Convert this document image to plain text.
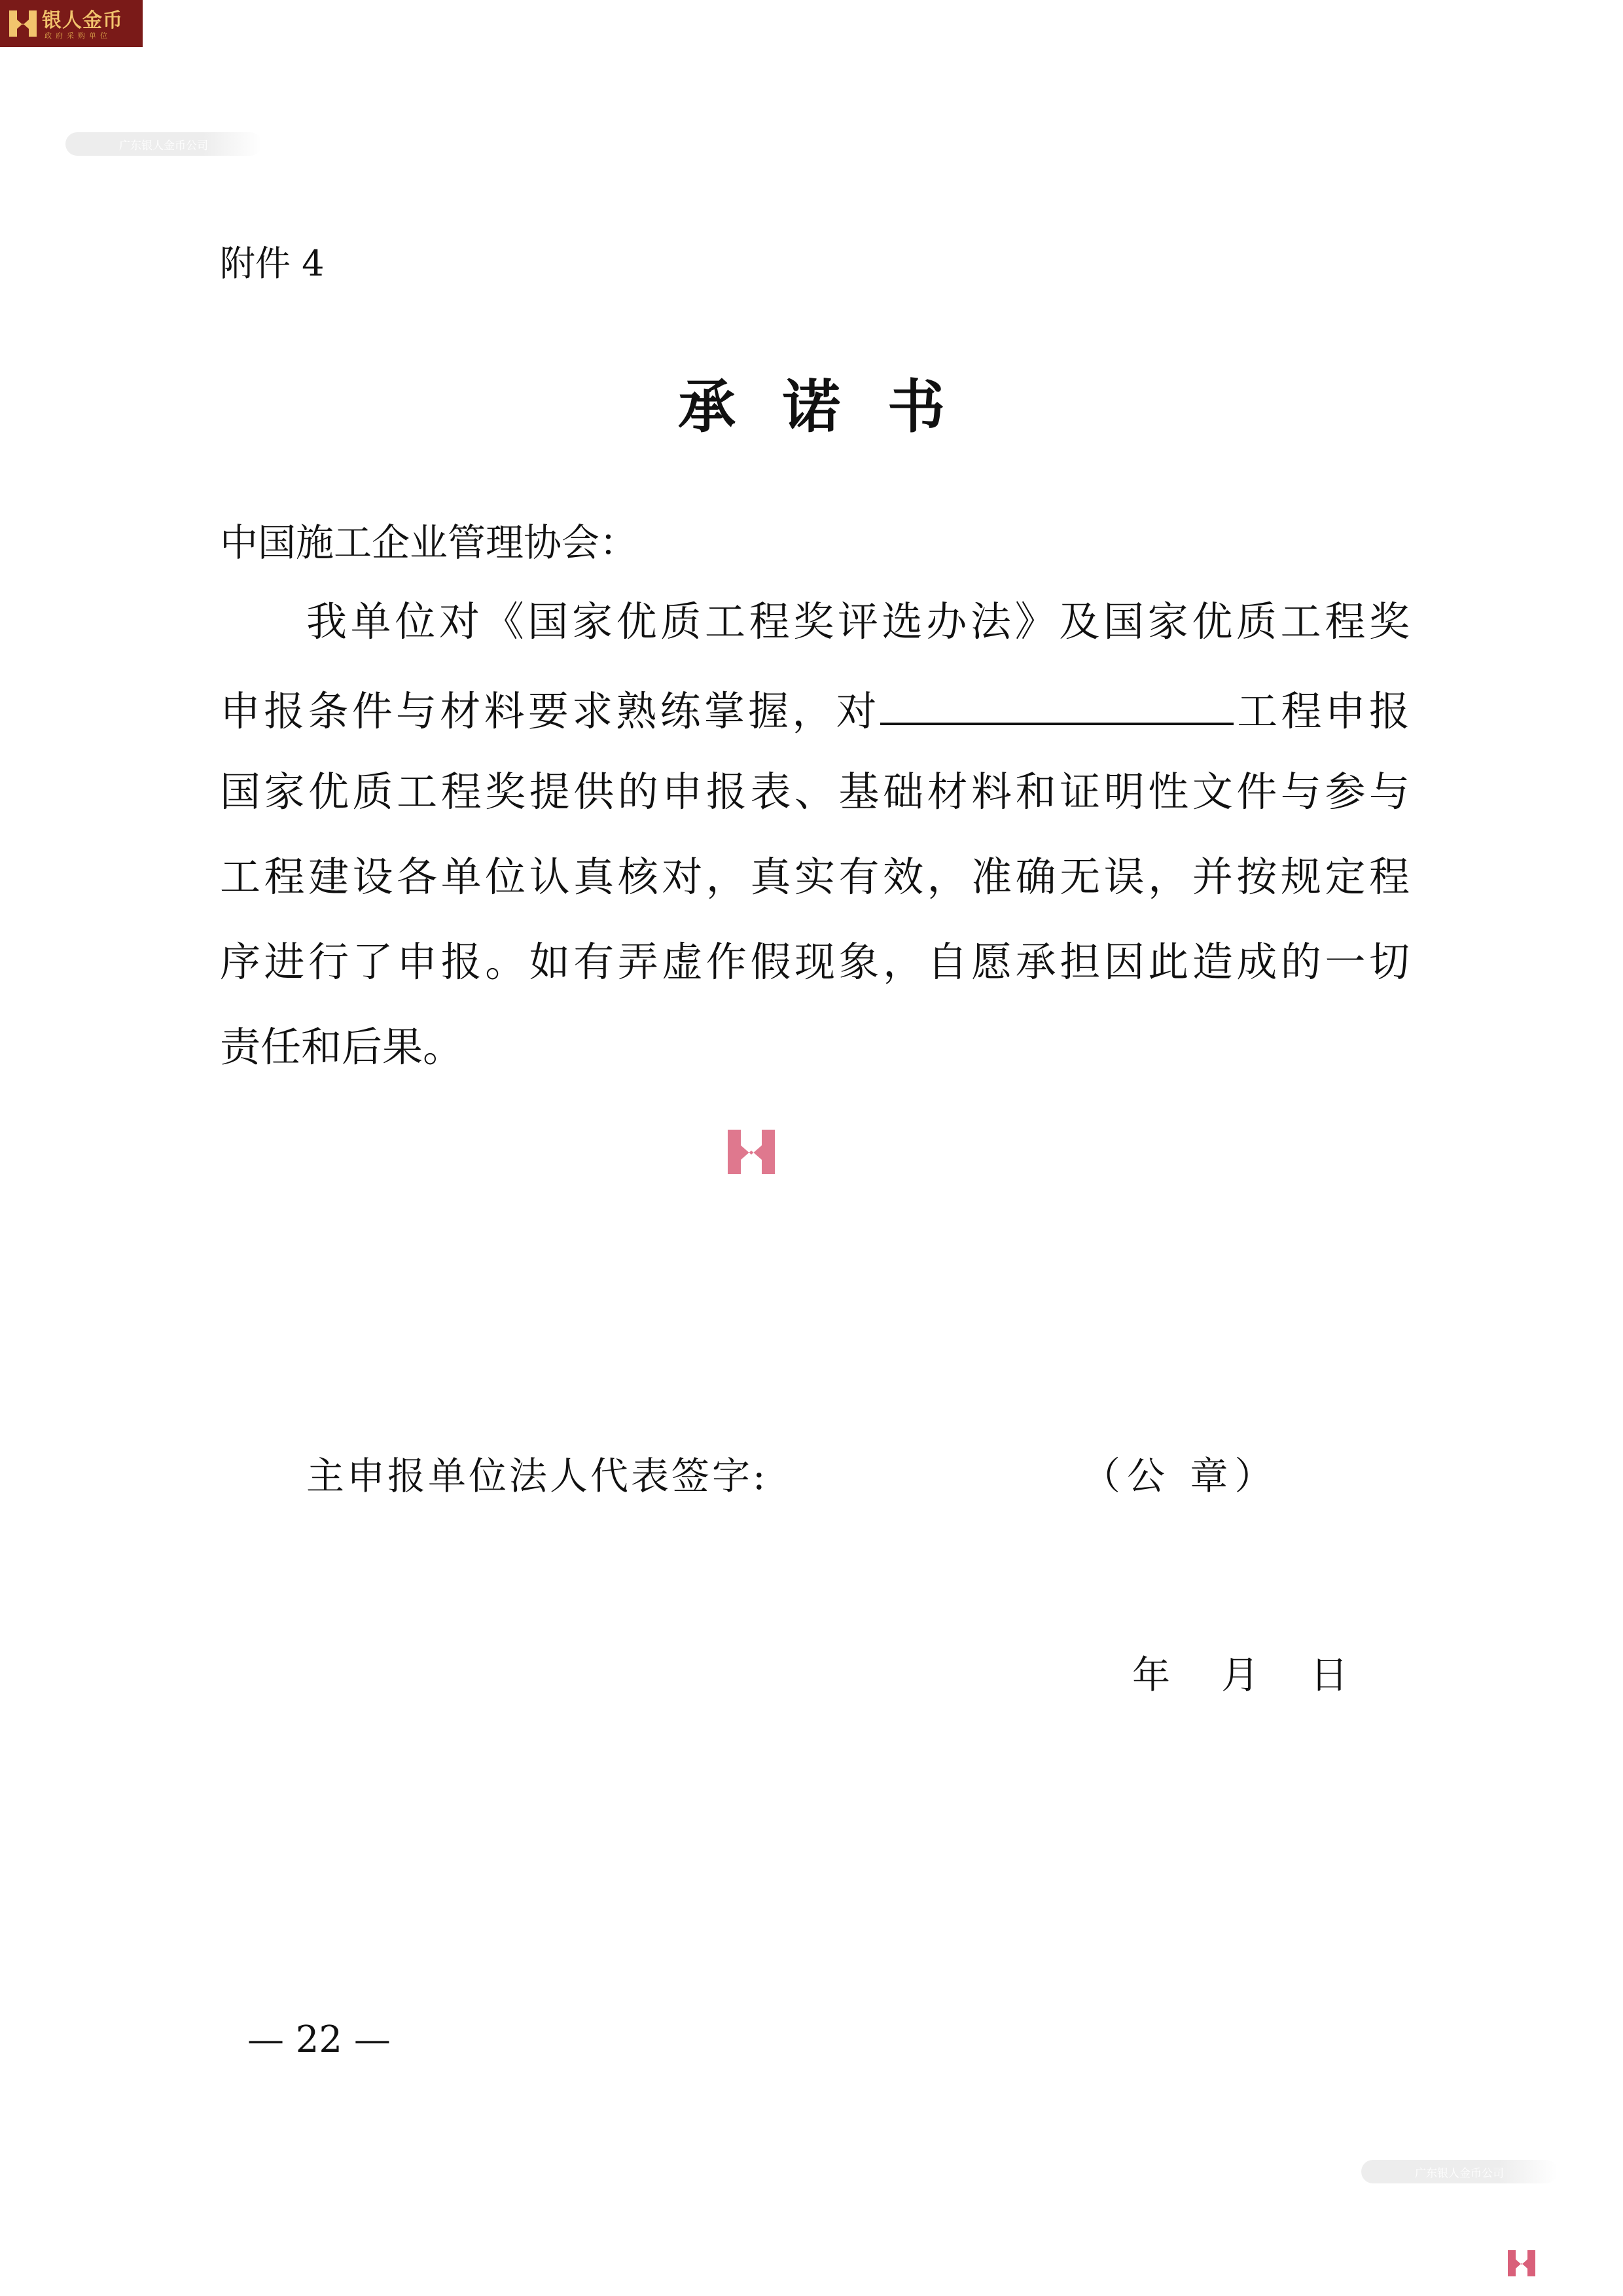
银人金币
政府采购单位
广东银人金币公司
附件 4
承诺书
中国施工企业管理协会：
我单位对《国家优质工程奖评选办法》及国家优质工程奖
申报条件与材料要求熟练掌握，对	工程申报
国家优质工程奖提供的申报表、基础材料和证明性文件与参与
工程建设各单位认真核对，真实有效，准确无误，并按规定程
序进行了申报。如有弄虚作假现象，自愿承担因此造成的一切
责任和后果。
主申报单位法人代表签字:	（公 章）
年 月 日
— 22 —
广东银人金币公司
